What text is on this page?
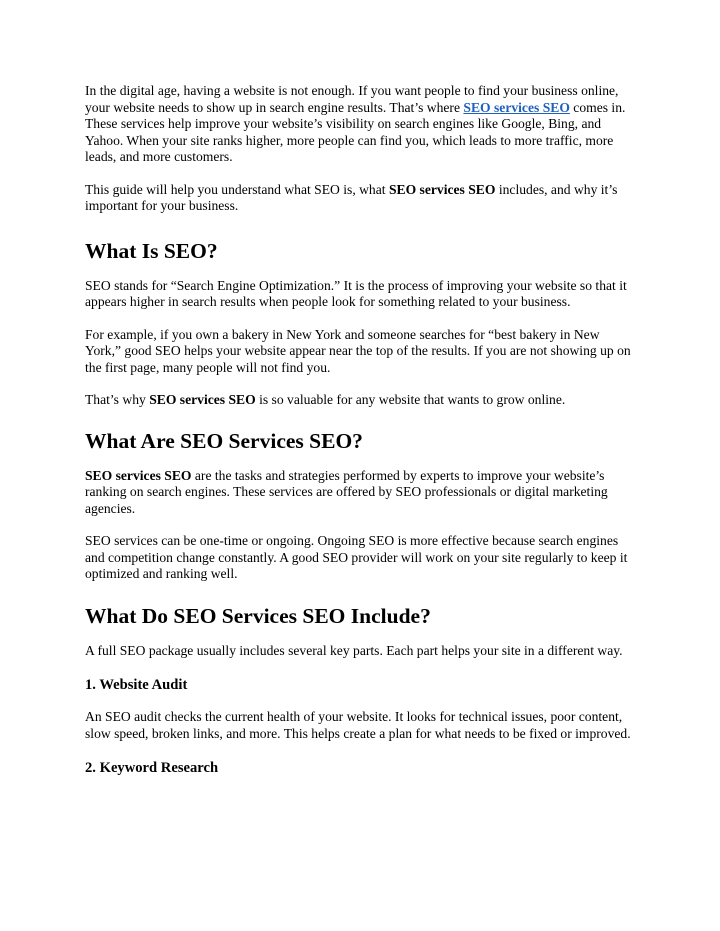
In the digital age, having a website is not enough. If you want people to find your business online, your website needs to show up in search engine results. That’s where SEO services SEO comes in. These services help improve your website’s visibility on search engines like Google, Bing, and Yahoo. When your site ranks higher, more people can find you, which leads to more traffic, more leads, and more customers.

This guide will help you understand what SEO is, what SEO services SEO includes, and why it’s important for your business.

What Is SEO?

SEO stands for “Search Engine Optimization.” It is the process of improving your website so that it appears higher in search results when people look for something related to your business.

For example, if you own a bakery in New York and someone searches for “best bakery in New York,” good SEO helps your website appear near the top of the results. If you are not showing up on the first page, many people will not find you.

That’s why SEO services SEO is so valuable for any website that wants to grow online.

What Are SEO Services SEO?

SEO services SEO are the tasks and strategies performed by experts to improve your website’s ranking on search engines. These services are offered by SEO professionals or digital marketing agencies.

SEO services can be one-time or ongoing. Ongoing SEO is more effective because search engines and competition change constantly. A good SEO provider will work on your site regularly to keep it optimized and ranking well.

What Do SEO Services SEO Include?

A full SEO package usually includes several key parts. Each part helps your site in a different way.

1. Website Audit

An SEO audit checks the current health of your website. It looks for technical issues, poor content, slow speed, broken links, and more. This helps create a plan for what needs to be fixed or improved.

2. Keyword Research
